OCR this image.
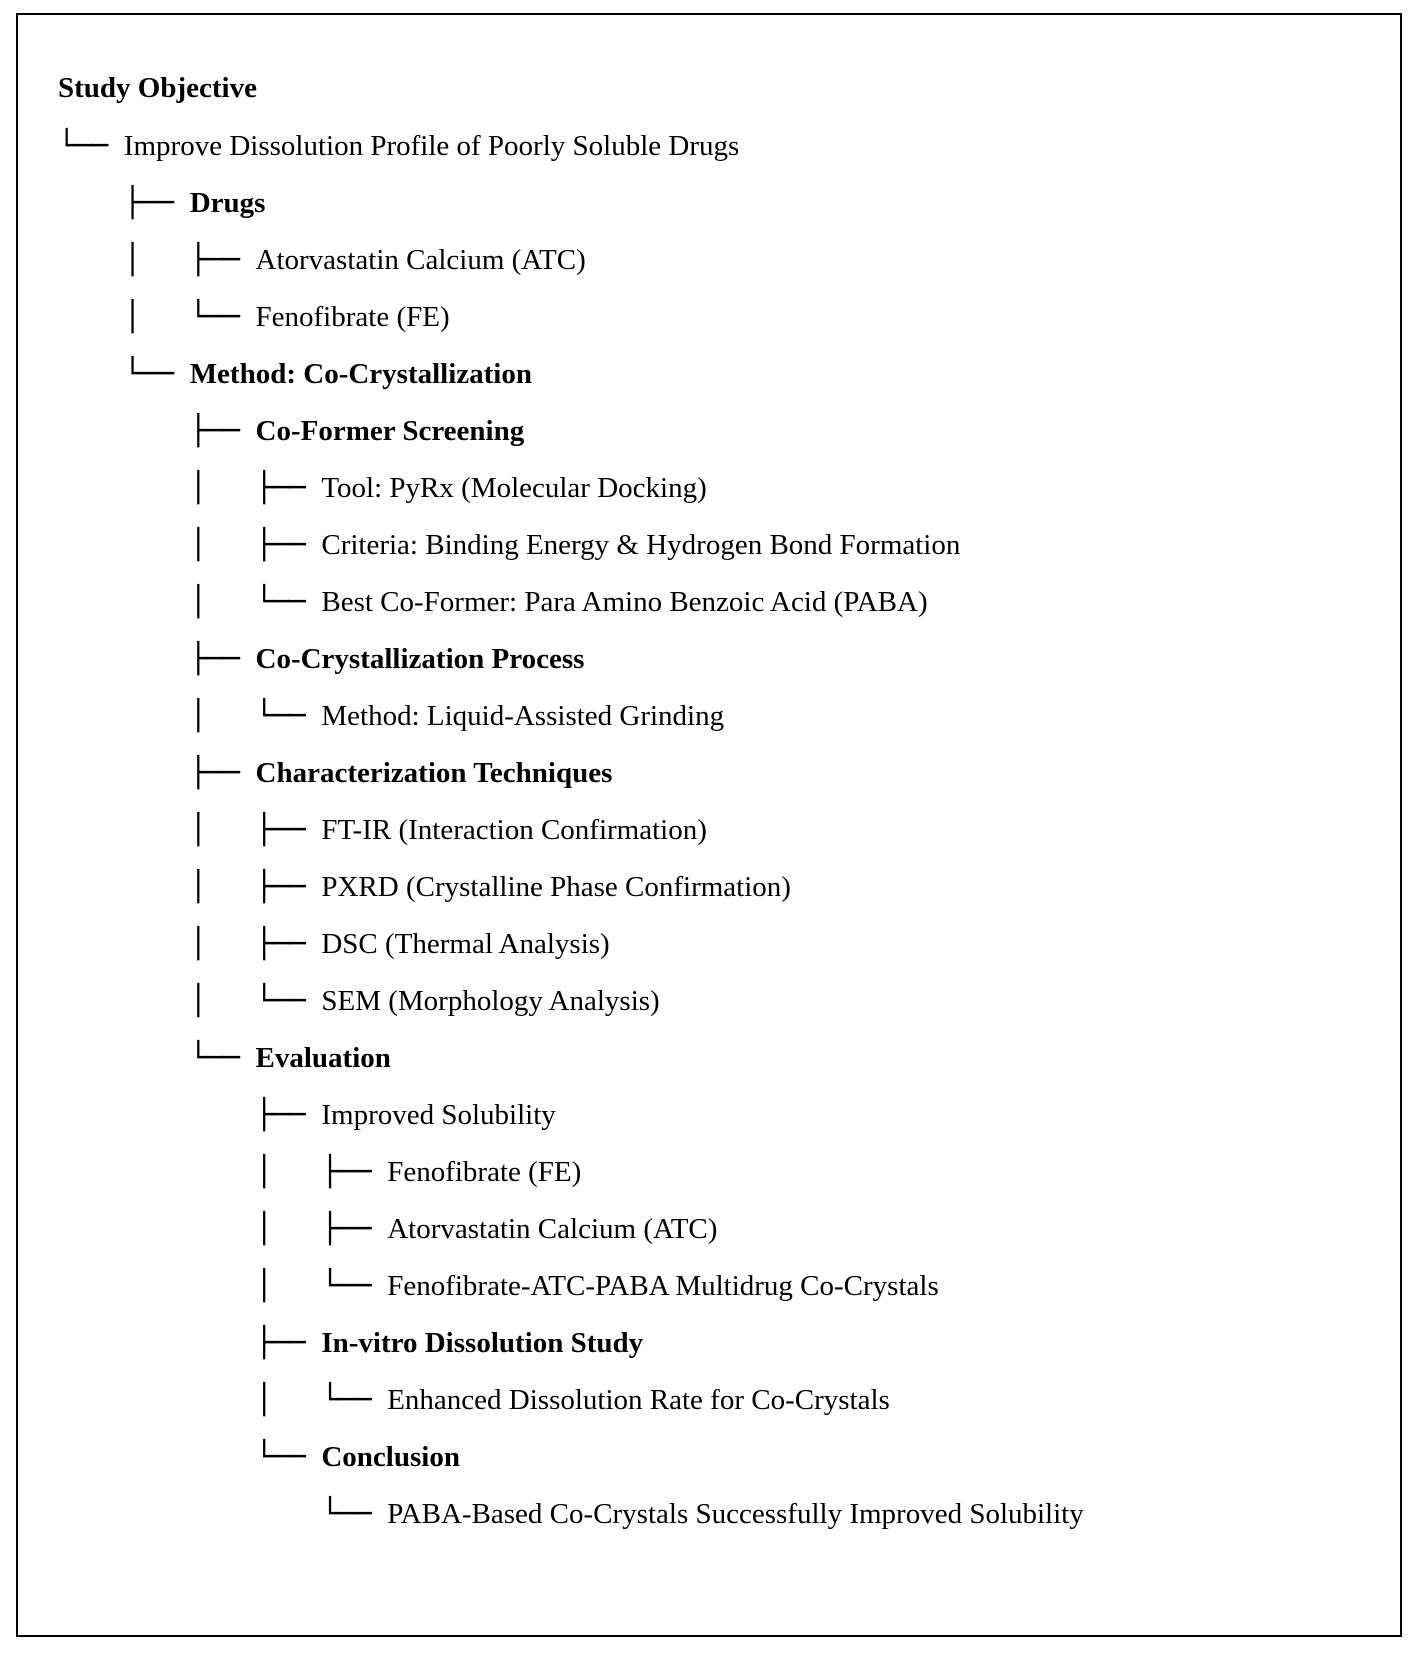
Study Objective
└── Improve Dissolution Profile of Poorly Soluble Drugs
├── Drugs
│   ├── Atorvastatin Calcium (ATC)
│   └── Fenofibrate (FE)
└── Method: Co-Crystallization
├── Co-Former Screening
│   ├── Tool: PyRx (Molecular Docking)
│   ├── Criteria: Binding Energy & Hydrogen Bond Formation
│   └── Best Co-Former: Para Amino Benzoic Acid (PABA)
├── Co-Crystallization Process
│   └── Method: Liquid-Assisted Grinding
├── Characterization Techniques
│   ├── FT-IR (Interaction Confirmation)
│   ├── PXRD (Crystalline Phase Confirmation)
│   ├── DSC (Thermal Analysis)
│   └── SEM (Morphology Analysis)
└── Evaluation
├── Improved Solubility
│   ├── Fenofibrate (FE)
│   ├── Atorvastatin Calcium (ATC)
│   └── Fenofibrate-ATC-PABA Multidrug Co-Crystals
├── In-vitro Dissolution Study
│   └── Enhanced Dissolution Rate for Co-Crystals
└── Conclusion
└── PABA-Based Co-Crystals Successfully Improved Solubility
